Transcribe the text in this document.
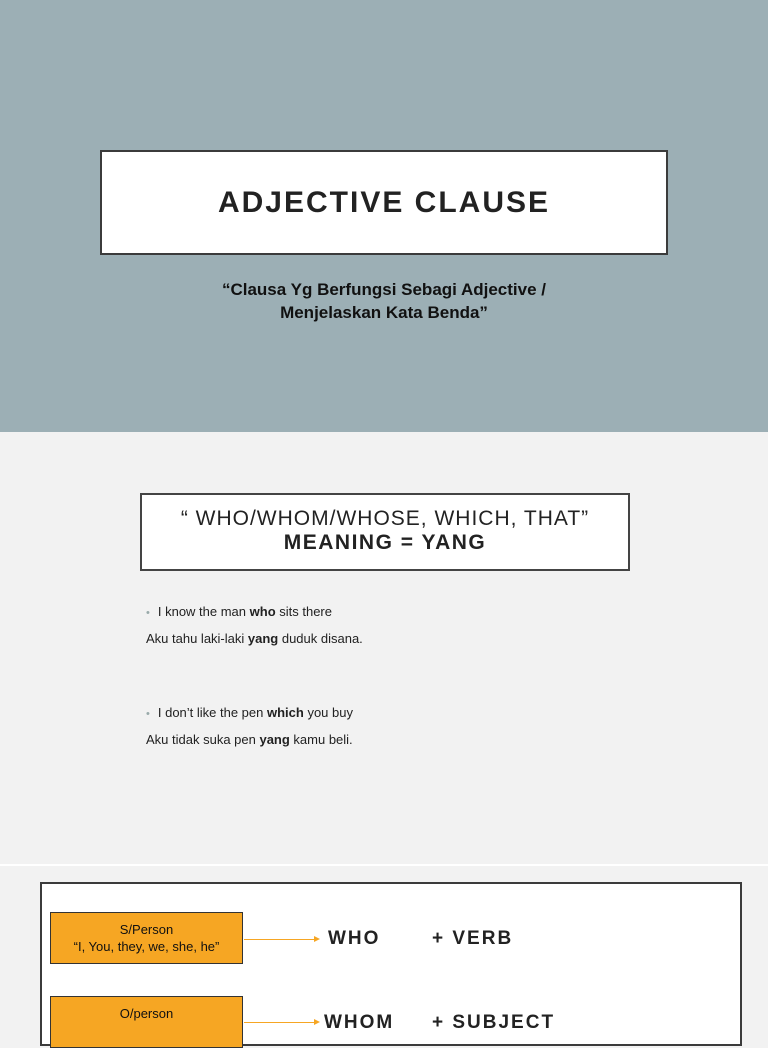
ADJECTIVE CLAUSE
“Clausa Yg Berfungsi Sebagi Adjective /
Menjelaskan Kata Benda”
“ WHO/WHOM/WHOSE, WHICH, THAT”
MEANING = YANG
• I know the man who sits there
Aku tahu laki-laki yang duduk disana.
• I don’t like the pen which you buy
Aku tidak suka pen yang kamu beli.
S/Person
“I, You, they, we, she, he”	WHO	+ VERB
O/person	WHOM + SUBJECT
